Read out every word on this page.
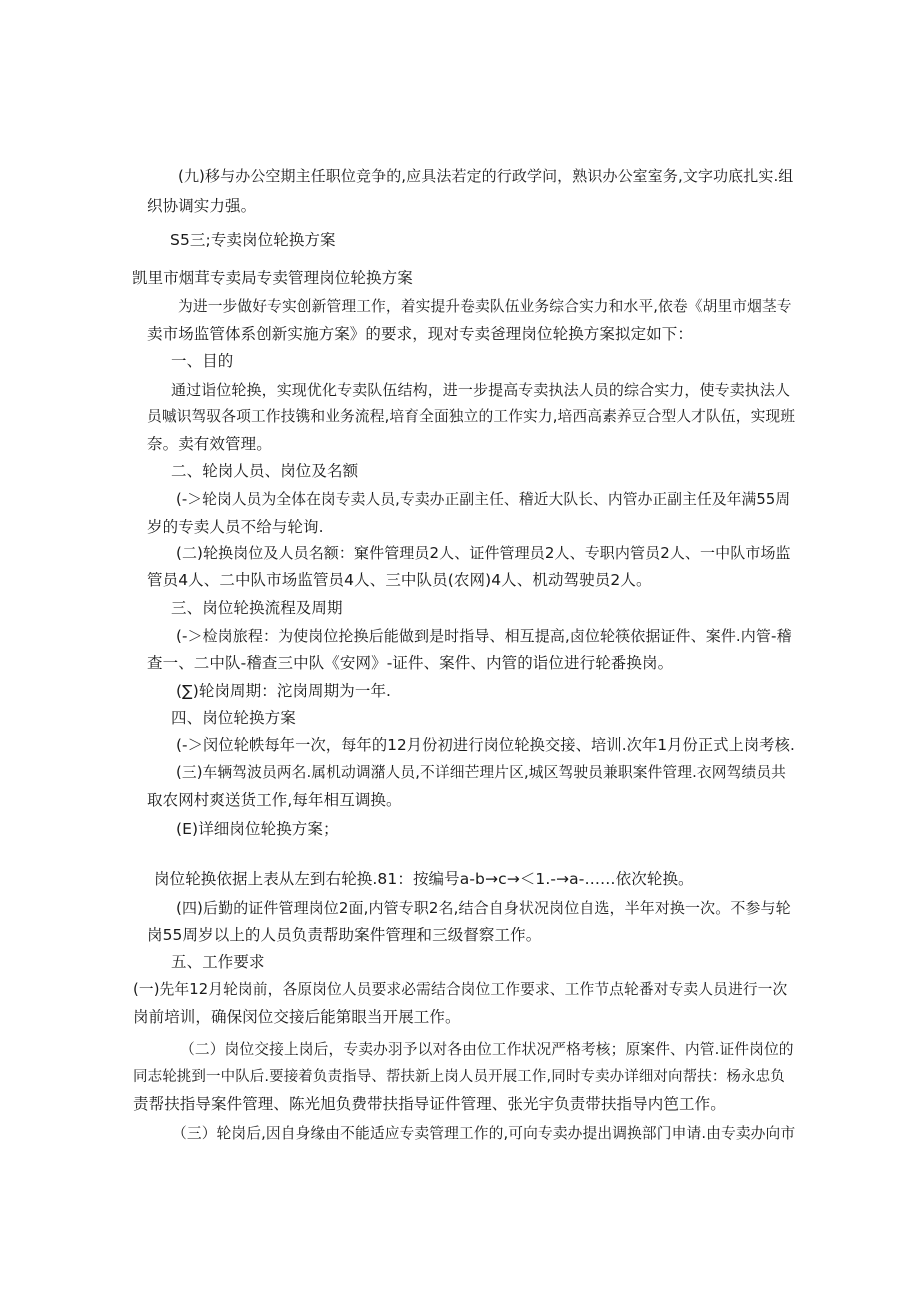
(九)移与办公空期主任职位竞争的,应具法若定的行政学问，熟识办公室室务,文字功底扎实.组
织协调实力强。
S5三;专卖岗位轮换方案
凯里市烟茸专卖局专卖管理岗位轮换方案
为进一步做好专实创新管理工作，着实提升卷卖队伍业务综合实力和水平,依卷《胡里市烟茎专
卖市场监管体系创新实施方案》的要求，现对专卖爸理岗位轮换方案拟定如下：
一、目的
通过诣位轮换，实现优化专卖队伍结构，进一步提高专卖执法人员的综合实力，使专卖执法人
员嘁识驾驭各项工作技镌和业务流程,培育全面独立的工作实力,培西高素养豆合型人才队伍，实现班
奈。卖有效管理。
二、轮岗人员、岗位及名额
(-＞轮岗人员为全体在岗专卖人员,专卖办正副主任、稽近大队长、内管办正副主任及年满55周
岁的专卖人员不给与轮询.
(二)轮换岗位及人员名额：窠件管理员2人、证件管理员2人、专职内管员2人、一中队市场监
管员4人、二中队市场监管员4人、三中队员(农网)4人、机动驾驶员2人。
三、岗位轮换流程及周期
(-＞检岗旅程：为使岗位抡换后能做到是时指导、相互提高,卤位轮筷依据证件、案件.内管-稽
查一、二中队-稽查三中队《安网》-证件、案件、内管的诣位进行轮番换岗。
(∑)轮岗周期：沱岗周期为一年.
四、岗位轮换方案
(-＞闵位轮帙每年一次，每年的12月份初进行岗位轮换交接、培训.次年1月份正式上岗考核.
(三)车辆驾波员两名.属机动调潴人员,不详细芒理片区,城区驾驶员兼职案件管理.衣网驾绩员共
取农网村爽送货工作,每年相互调换。
(E)详细岗位轮换方案；
岗位轮换依据上表从左到右轮换.81：按编号a-b→c→＜1.-→a-……依次轮换。
(四)后勤的证件管理岗位2面,内管专职2名,结合自身状况岗位自选，半年对换一次。不参与轮
岗55周岁以上的人员负责帮助案件管理和三级督察工作。
五、工作要求
(一)先年12月轮岗前，各原岗位人员要求必需结合岗位工作要求、工作节点轮番对专卖人员进行一次
岗前培训，确保闵位交接后能第眼当开展工作。
（二）岗位交接上岗后，专卖办羽予以对各由位工作状况严格考核；原案件、内管.证件岗位的
同志轮挑到一中队后.要接着负责指导、帮扶新上岗人员开展工作,同时专卖办详细对向帮扶：杨永忠负
责帮扶指导案件管理、陈光旭负费带扶指导证件管理、张光宇负责带扶指导内笆工作。
（三）轮岗后,因自身缘由不能适应专卖管理工作的,可向专卖办提出调换部门申请.由专卖办向市
